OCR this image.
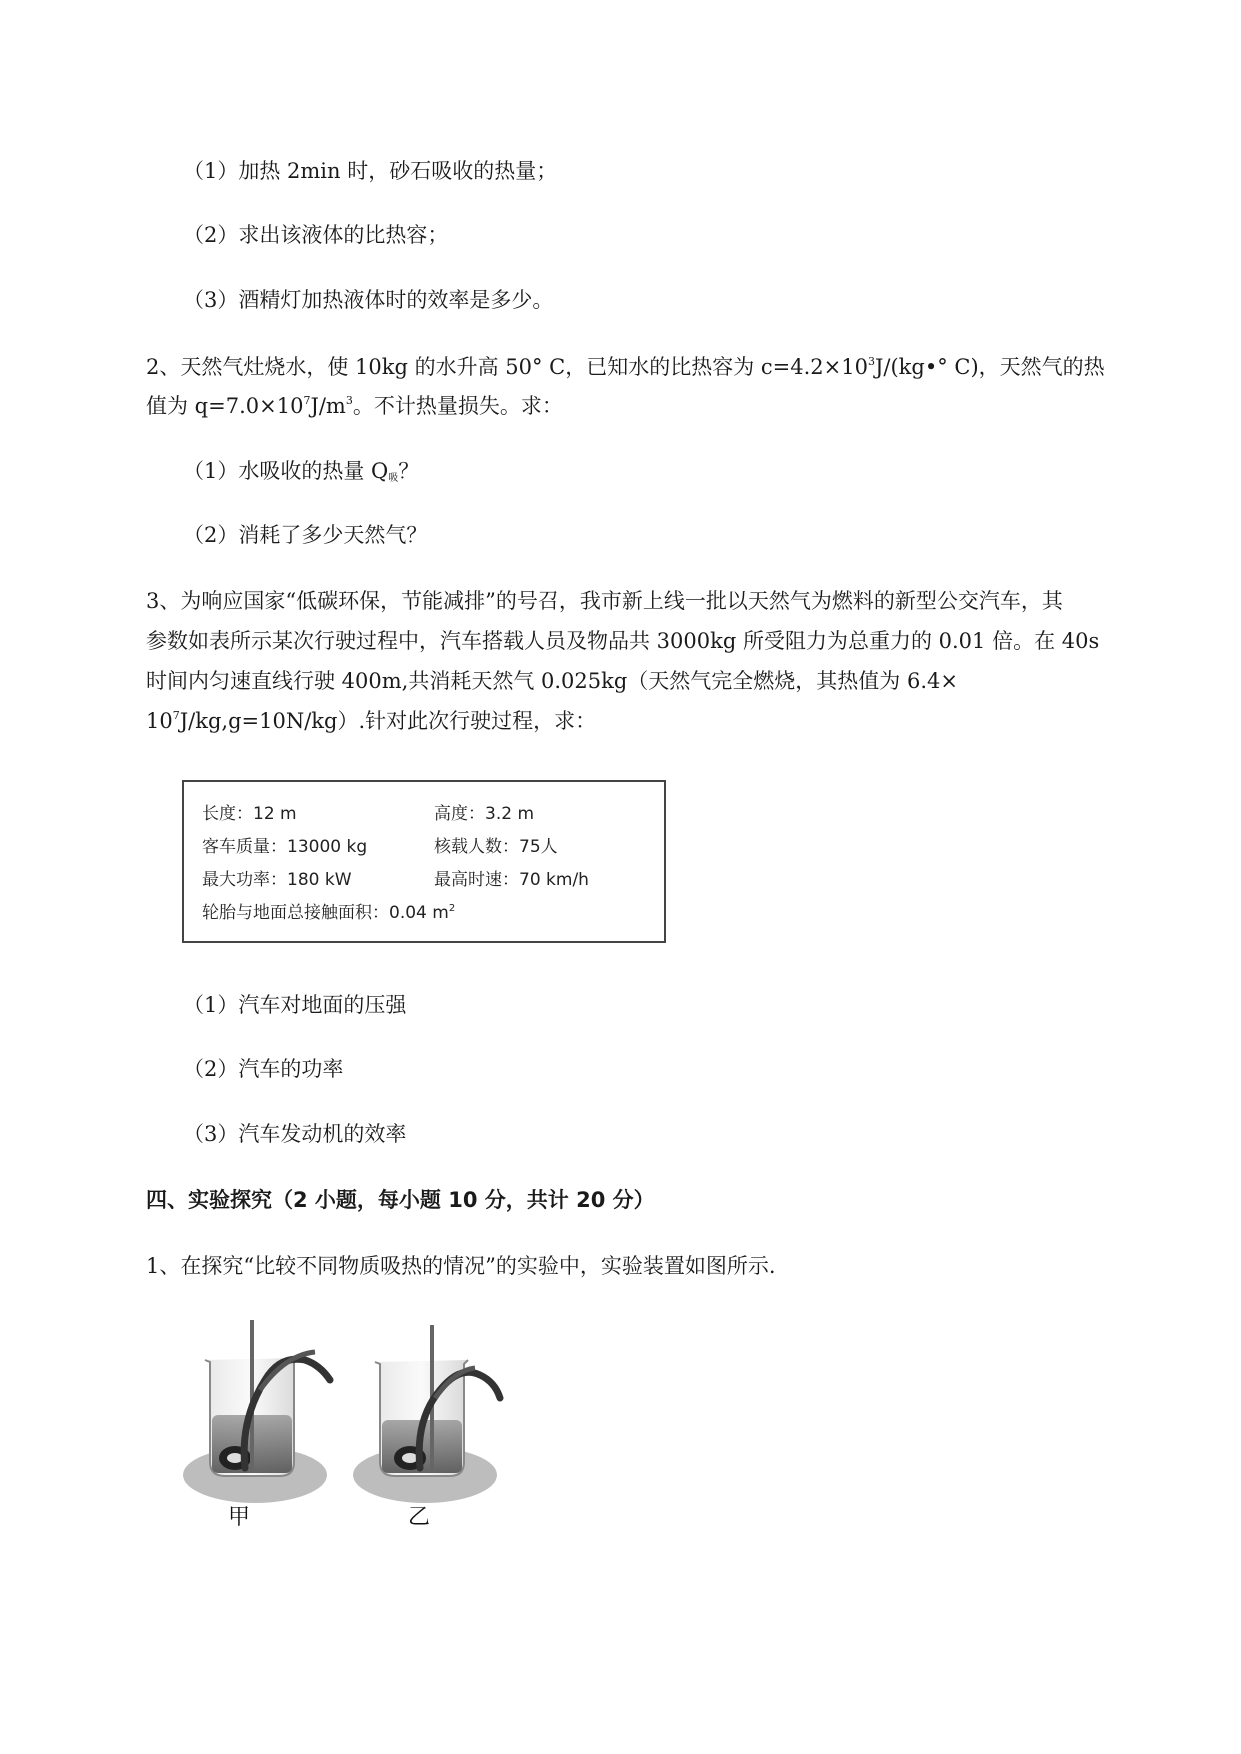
（1）加热 2min 时，砂石吸收的热量；
（2）求出该液体的比热容；
（3）酒精灯加热液体时的效率是多少。
2、天然气灶烧水，使 10kg 的水升高 50° C，已知水的比热容为 $c=4.2\times 10^3J/(kg•^\circ$ C)，天然气的热
值为 $q=7.0\times 10^7J/m^3$。不计热量损失。求：
（1）水吸收的热量 $Q_吸$？
（2）消耗了多少天然气？
3、为响应国家“低碳环保，节能减排”的号召，我市新上线一批以天然气为燃料的新型公交汽车，其
参数如表所示某次行驶过程中，汽车搭载人员及物品共 3000kg 所受阻力为总重力的 0.01 倍。在 40s
时间内匀速直线行驶 400m,共消耗天然气 0.025kg（天然气完全燃烧，其热值为 6.4×
$10^7J/kg,g=10N/kg$）.针对此次行驶过程，求：
长度：12 m	高度：3.2 m
客车质量：13000 kg	核载人数：75人
最大功率：180 kW	最高时速：70 km/h
轮胎与地面总接触面积：0.04 $m^2$
（1）汽车对地面的压强
（2）汽车的功率
（3）汽车发动机的效率
四、实验探究（2 小题，每小题 10 分，共计 20 分）
1、在探究“比较不同物质吸热的情况”的实验中，实验装置如图所示.
甲	乙
